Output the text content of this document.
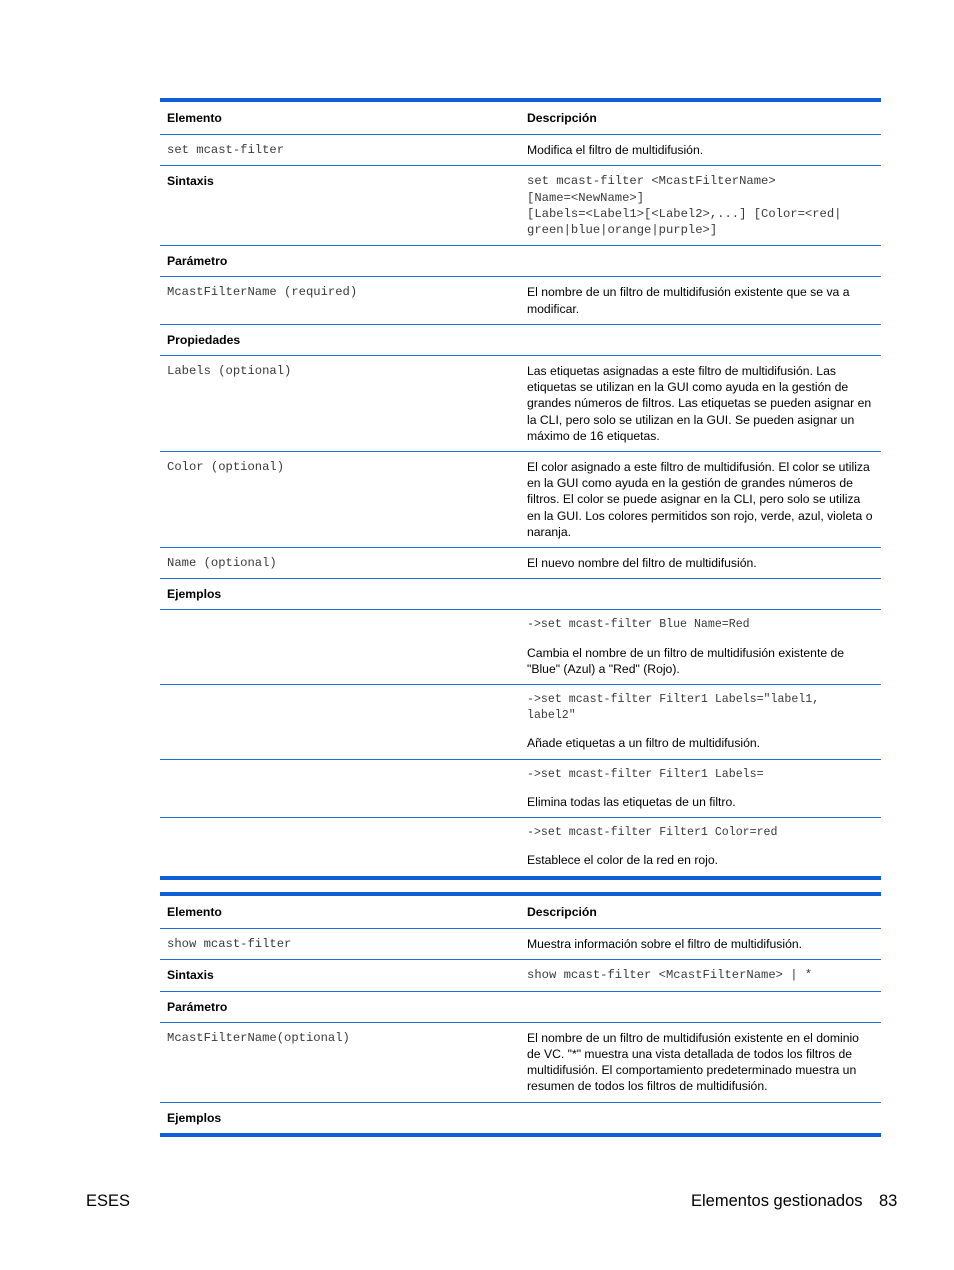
Elemento	Descripción
set mcast-filter	Modifica el filtro de multidifusión.
Sintaxis	set mcast-filter <McastFilterName>
[Name=<NewName>]
[Labels=<Label1>[<Label2>,...] [Color=<red|
green|blue|orange|purple>]
Parámetro	
McastFilterName (required)	El nombre de un filtro de multidifusión existente que se va a modificar.
Propiedades	
Labels (optional)	Las etiquetas asignadas a este filtro de multidifusión. Las etiquetas se utilizan en la GUI como ayuda en la gestión de grandes números de filtros. Las etiquetas se pueden asignar en la CLI, pero solo se utilizan en la GUI. Se pueden asignar un máximo de 16 etiquetas.
Color (optional)	El color asignado a este filtro de multidifusión. El color se utiliza en la GUI como ayuda en la gestión de grandes números de filtros. El color se puede asignar en la CLI, pero solo se utiliza en la GUI. Los colores permitidos son rojo, verde, azul, violeta o naranja.
Name (optional)	El nuevo nombre del filtro de multidifusión.
Ejemplos	

	->set mcast-filter Blue Name=Red
Cambia el nombre de un filtro de multidifusión existente de "Blue" (Azul) a "Red" (Rojo).

	->set mcast-filter Filter1 Labels="label1,
label2"
Añade etiquetas a un filtro de multidifusión.

	->set mcast-filter Filter1 Labels=
Elimina todas las etiquetas de un filtro.

	->set mcast-filter Filter1 Color=red
Establece el color de la red en rojo.
Elemento	Descripción
show mcast-filter	Muestra información sobre el filtro de multidifusión.
Sintaxis	show mcast-filter <McastFilterName> | *
Parámetro	
McastFilterName(optional)	El nombre de un filtro de multidifusión existente en el dominio de VC. "*" muestra una vista detallada de todos los filtros de multidifusión. El comportamiento predeterminado muestra un resumen de todos los filtros de multidifusión.
Ejemplos	
ESES	Elementos gestionados 83
